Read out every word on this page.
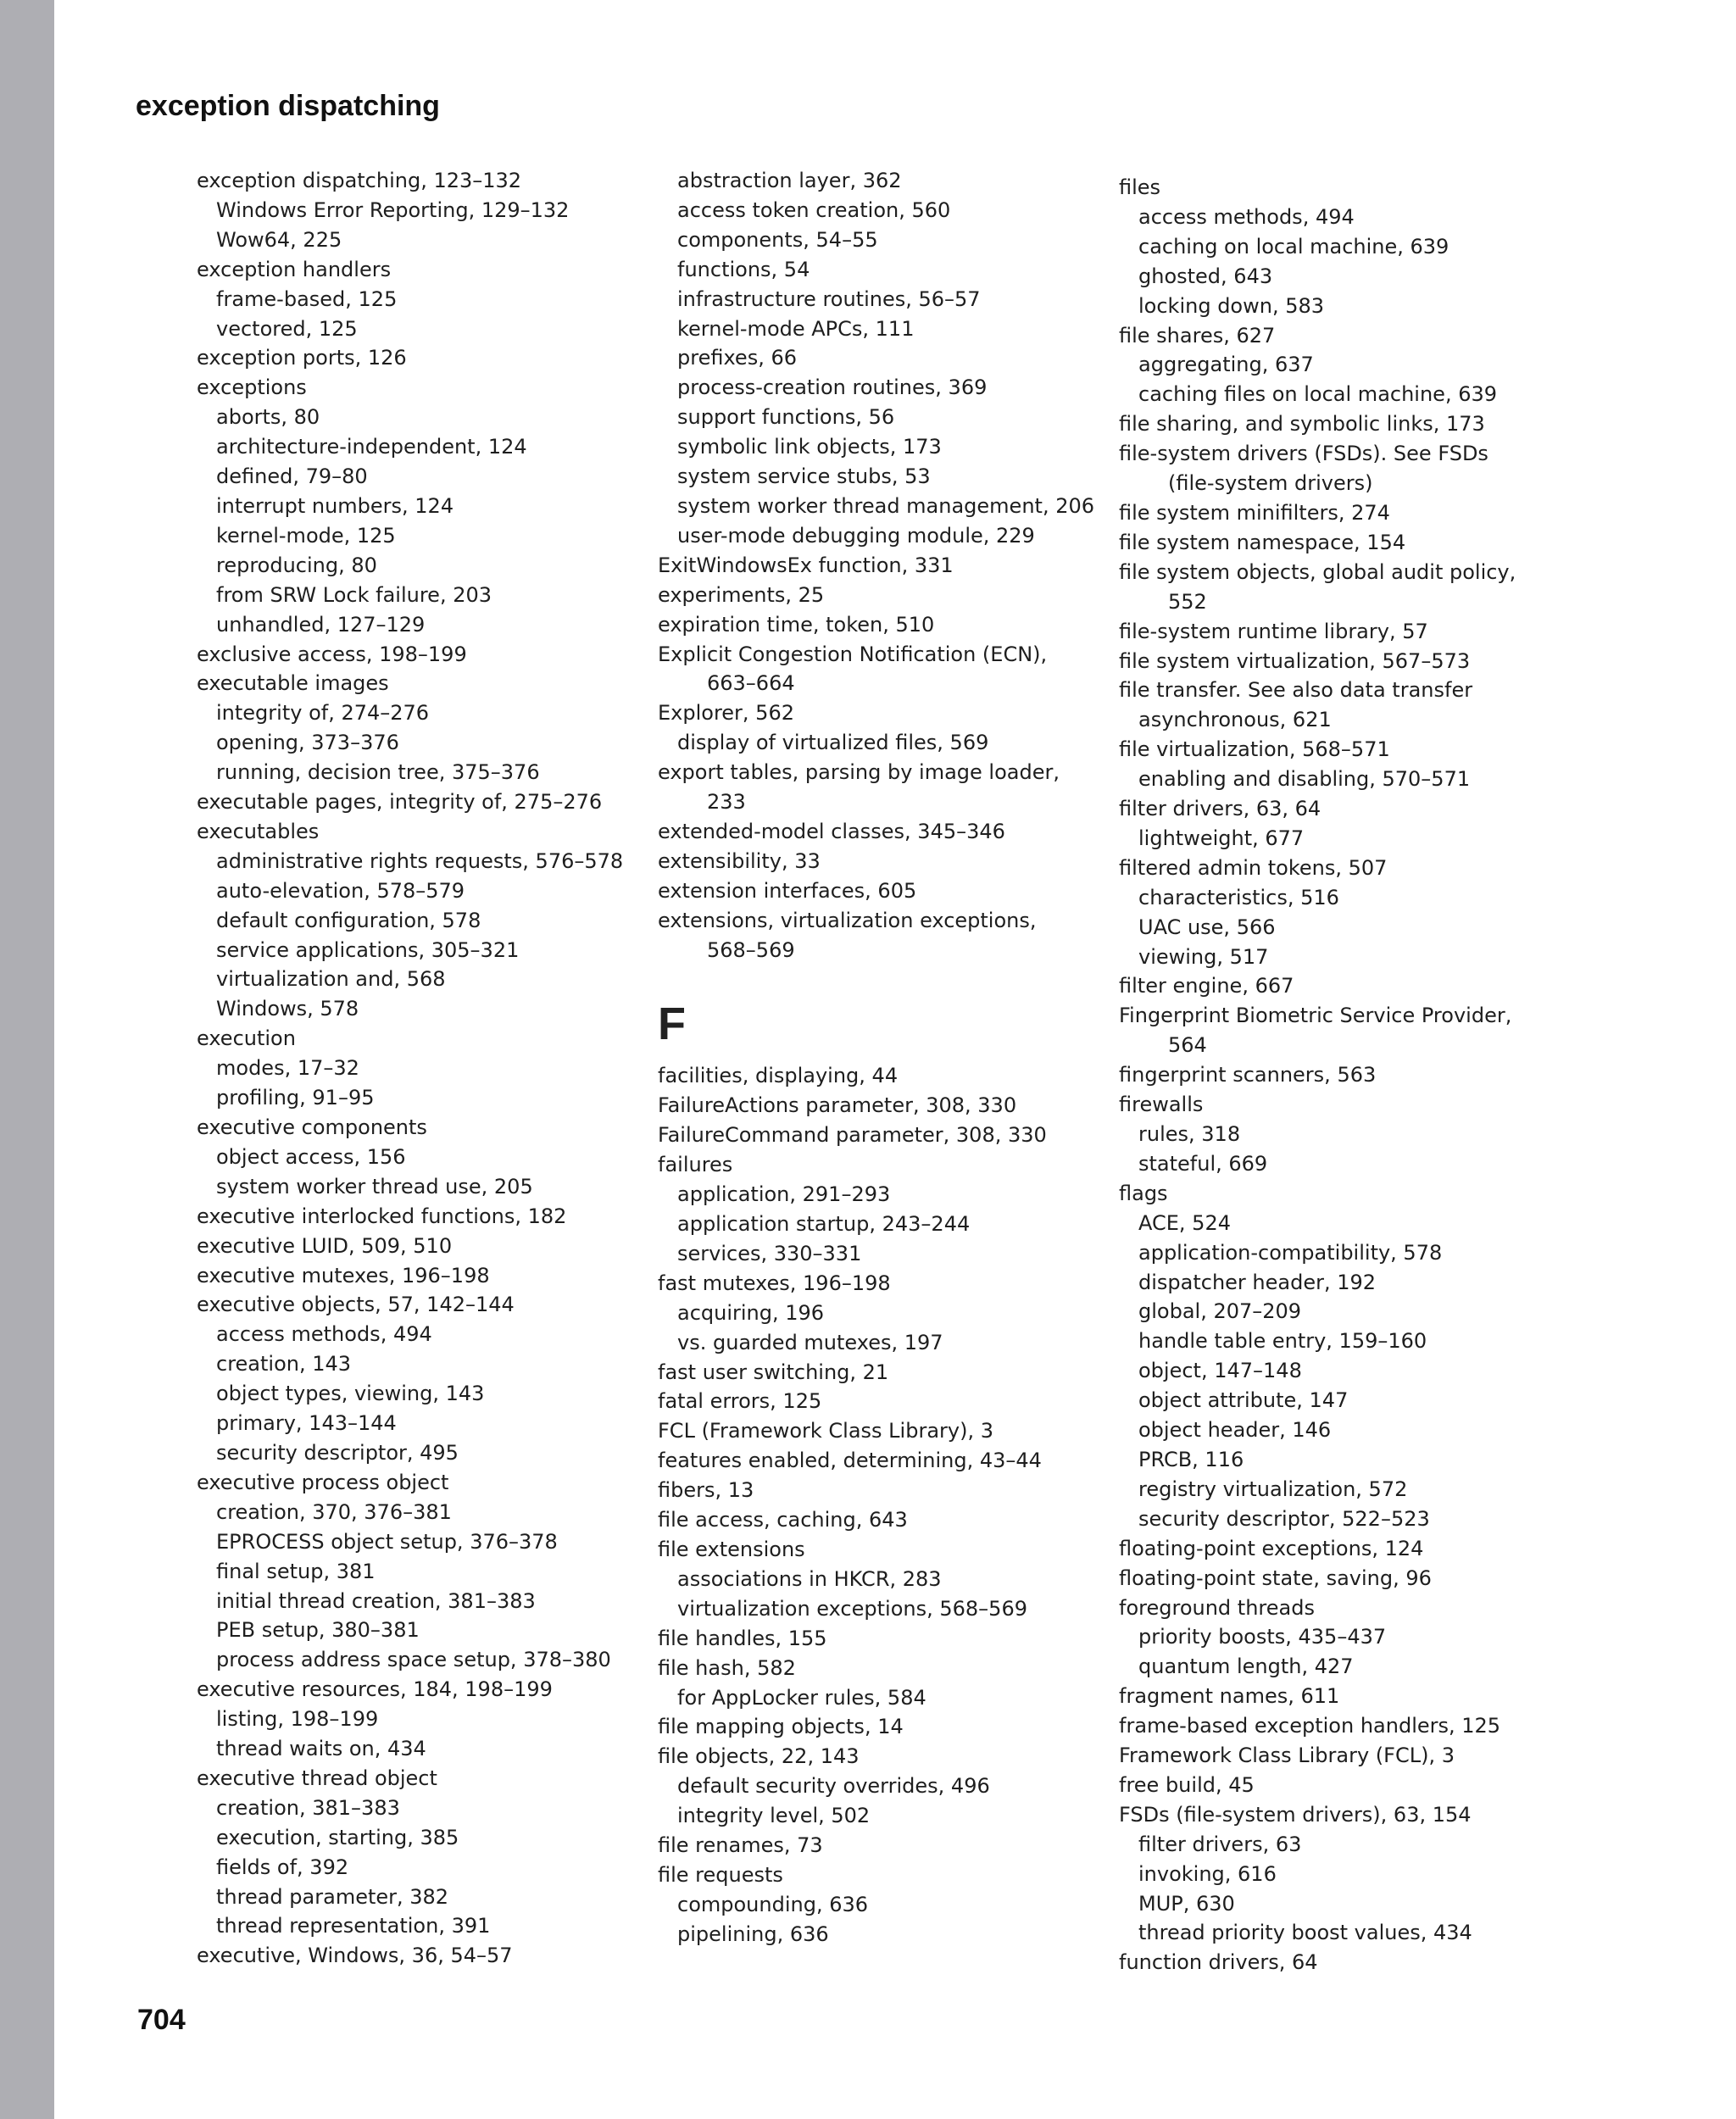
exception dispatching
exception dispatching, 123–132
Windows Error Reporting, 129–132
Wow64, 225
exception handlers
frame-based, 125
vectored, 125
exception ports, 126
exceptions
aborts, 80
architecture-independent, 124
defined, 79–80
interrupt numbers, 124
kernel-mode, 125
reproducing, 80
from SRW Lock failure, 203
unhandled, 127–129
exclusive access, 198–199
executable images
integrity of, 274–276
opening, 373–376
running, decision tree, 375–376
executable pages, integrity of, 275–276
executables
administrative rights requests, 576–578
auto-elevation, 578–579
default configuration, 578
service applications, 305–321
virtualization and, 568
Windows, 578
execution
modes, 17–32
profiling, 91–95
executive components
object access, 156
system worker thread use, 205
executive interlocked functions, 182
executive LUID, 509, 510
executive mutexes, 196–198
executive objects, 57, 142–144
access methods, 494
creation, 143
object types, viewing, 143
primary, 143–144
security descriptor, 495
executive process object
creation, 370, 376–381
EPROCESS object setup, 376–378
final setup, 381
initial thread creation, 381–383
PEB setup, 380–381
process address space setup, 378–380
executive resources, 184, 198–199
listing, 198–199
thread waits on, 434
executive thread object
creation, 381–383
execution, starting, 385
fields of, 392
thread parameter, 382
thread representation, 391
executive, Windows, 36, 54–57
abstraction layer, 362
access token creation, 560
components, 54–55
functions, 54
infrastructure routines, 56–57
kernel-mode APCs, 111
prefixes, 66
process-creation routines, 369
support functions, 56
symbolic link objects, 173
system service stubs, 53
system worker thread management, 206
user-mode debugging module, 229
ExitWindowsEx function, 331
experiments, 25
expiration time, token, 510
Explicit Congestion Notification (ECN),
663–664
Explorer, 562
display of virtualized files, 569
export tables, parsing by image loader,
233
extended-model classes, 345–346
extensibility, 33
extension interfaces, 605
extensions, virtualization exceptions,
568–569
F
facilities, displaying, 44
FailureActions parameter, 308, 330
FailureCommand parameter, 308, 330
failures
application, 291–293
application startup, 243–244
services, 330–331
fast mutexes, 196–198
acquiring, 196
vs. guarded mutexes, 197
fast user switching, 21
fatal errors, 125
FCL (Framework Class Library), 3
features enabled, determining, 43–44
fibers, 13
file access, caching, 643
file extensions
associations in HKCR, 283
virtualization exceptions, 568–569
file handles, 155
file hash, 582
for AppLocker rules, 584
file mapping objects, 14
file objects, 22, 143
default security overrides, 496
integrity level, 502
file renames, 73
file requests
compounding, 636
pipelining, 636
files
access methods, 494
caching on local machine, 639
ghosted, 643
locking down, 583
file shares, 627
aggregating, 637
caching files on local machine, 639
file sharing, and symbolic links, 173
file-system drivers (FSDs). See FSDs
(file-system drivers)
file system minifilters, 274
file system namespace, 154
file system objects, global audit policy,
552
file-system runtime library, 57
file system virtualization, 567–573
file transfer. See also data transfer
asynchronous, 621
file virtualization, 568–571
enabling and disabling, 570–571
filter drivers, 63, 64
lightweight, 677
filtered admin tokens, 507
characteristics, 516
UAC use, 566
viewing, 517
filter engine, 667
Fingerprint Biometric Service Provider,
564
fingerprint scanners, 563
firewalls
rules, 318
stateful, 669
flags
ACE, 524
application-compatibility, 578
dispatcher header, 192
global, 207–209
handle table entry, 159–160
object, 147–148
object attribute, 147
object header, 146
PRCB, 116
registry virtualization, 572
security descriptor, 522–523
floating-point exceptions, 124
floating-point state, saving, 96
foreground threads
priority boosts, 435–437
quantum length, 427
fragment names, 611
frame-based exception handlers, 125
Framework Class Library (FCL), 3
free build, 45
FSDs (file-system drivers), 63, 154
filter drivers, 63
invoking, 616
MUP, 630
thread priority boost values, 434
function drivers, 64
704
